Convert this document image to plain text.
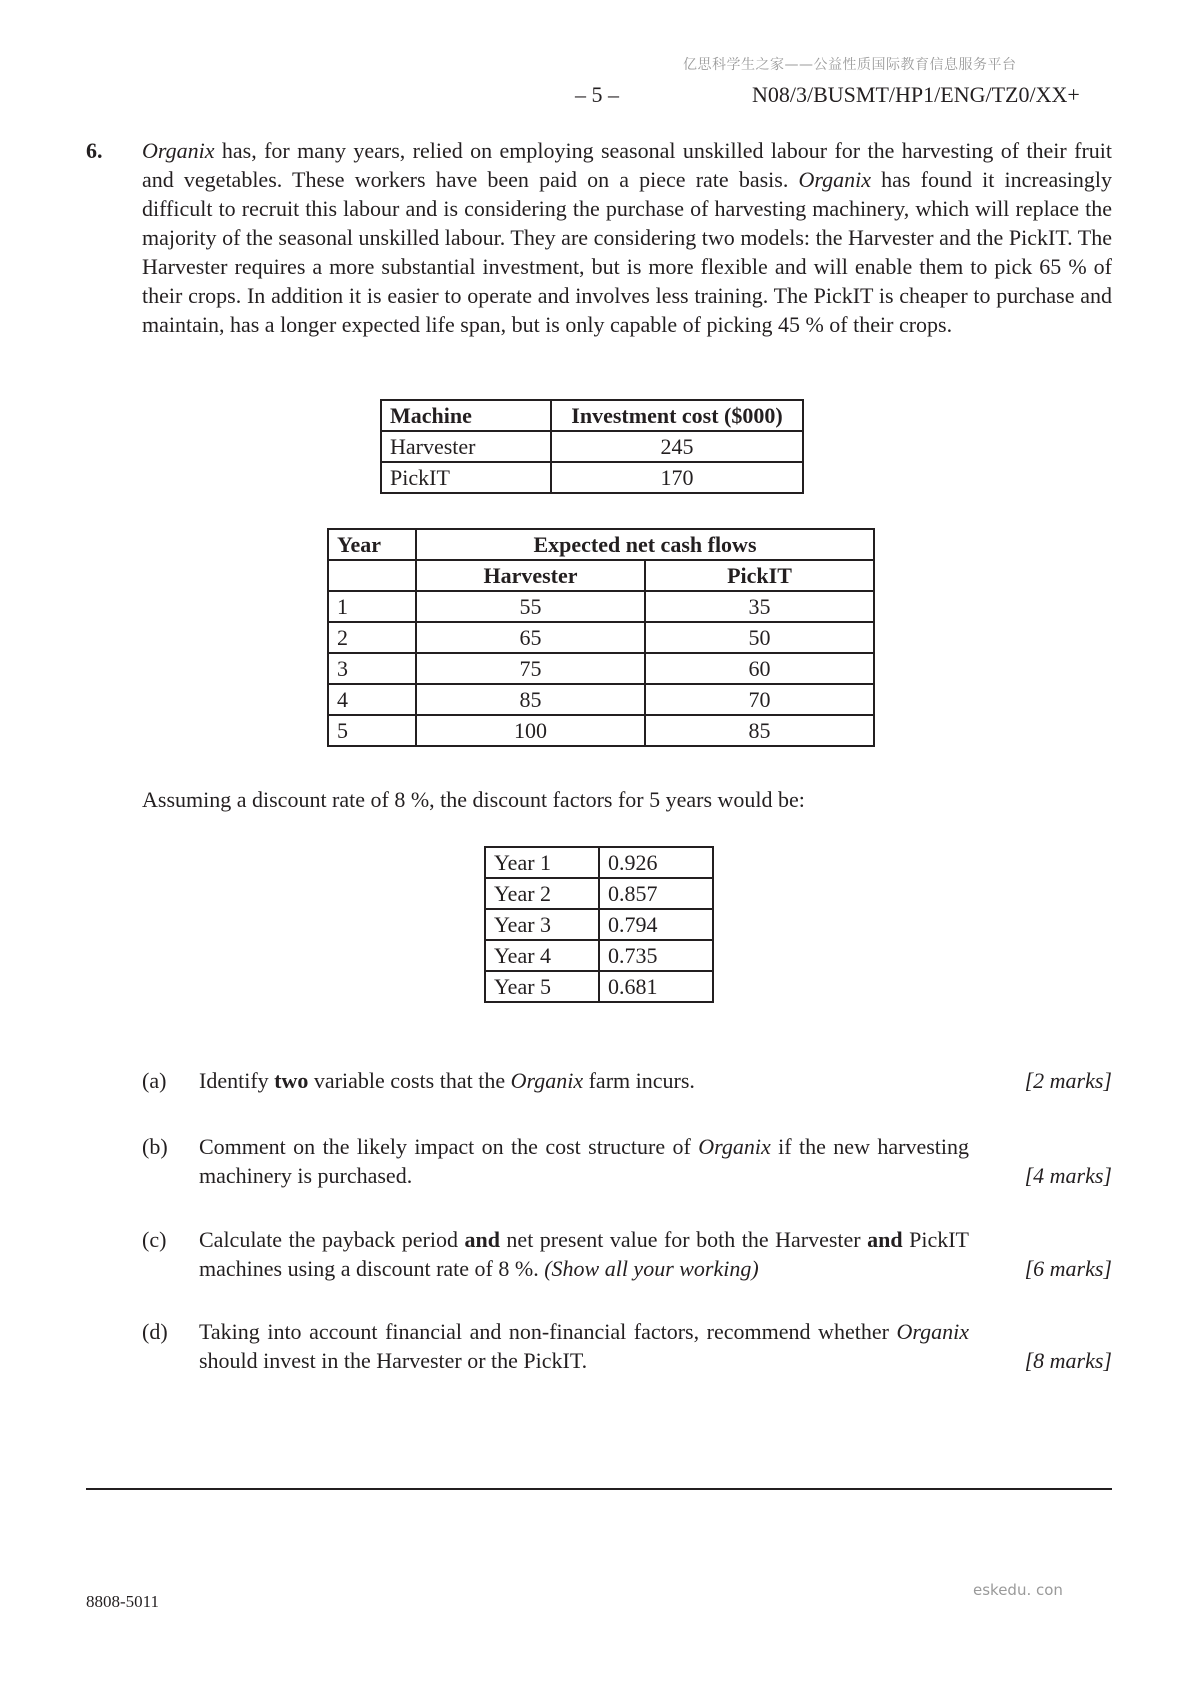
亿思科学生之家——公益性质国际教育信息服务平台
– 5 –	N08/3/BUSMT/HP1/ENG/TZ0/XX+
6. Organix has, for many years, relied on employing seasonal unskilled labour for the harvesting of their fruit and vegetables. These workers have been paid on a piece rate basis. Organix has found it increasingly difficult to recruit this labour and is considering the purchase of harvesting machinery, which will replace the majority of the seasonal unskilled labour. They are considering two models: the Harvester and the PickIT. The Harvester requires a more substantial investment, but is more flexible and will enable them to pick 65 % of their crops. In addition it is easier to operate and involves less training. The PickIT is cheaper to purchase and maintain, has a longer expected life span, but is only capable of picking 45 % of their crops.

Machine	Investment cost ($000)
Harvester	245
PickIT	170
Year	Expected net cash flows	
	Harvester	PickIT
1	55	35
2	65	50
3	75	60
4	85	70
5	100	85
Assuming a discount rate of 8 %, the discount factors for 5 years would be:
Year 1	0.926
Year 2	0.857
Year 3	0.794
Year 4	0.735
Year 5	0.681
(a) Identify two variable costs that the Organix farm incurs.	[2 marks]
(b) Comment on the likely impact on the cost structure of Organix if the new harvesting machinery is purchased.	[4 marks]
(c) Calculate the payback period and net present value for both the Harvester and PickIT machines using a discount rate of 8 %. (Show all your working)	[6 marks]
(d) Taking into account financial and non-financial factors, recommend whether Organix should invest in the Harvester or the PickIT.	[8 marks]
8808-5011
eskedu. con
